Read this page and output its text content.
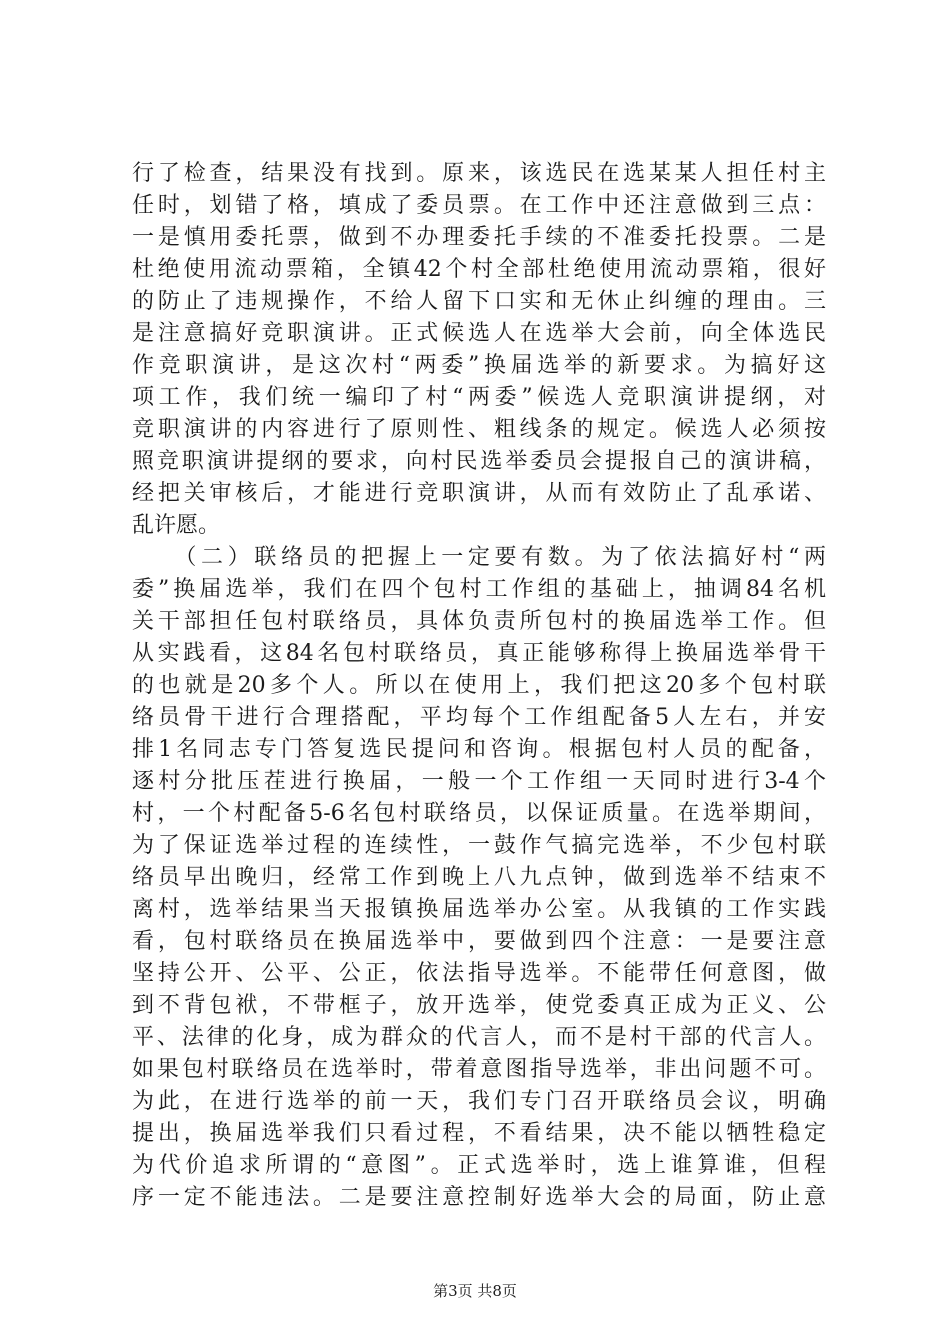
行了检查，结果没有找到。原来，该选民在选某某人担任村主
任时，划错了格，填成了委员票。在工作中还注意做到三点：
一是慎用委托票，做到不办理委托手续的不准委托投票。二是
杜绝使用流动票箱，全镇42个村全部杜绝使用流动票箱，很好
的防止了违规操作，不给人留下口实和无休止纠缠的理由。三
是注意搞好竞职演讲。正式候选人在选举大会前，向全体选民
作竞职演讲，是这次村“两委”换届选举的新要求。为搞好这
项工作，我们统一编印了村“两委”候选人竞职演讲提纲，对
竞职演讲的内容进行了原则性、粗线条的规定。候选人必须按
照竞职演讲提纲的要求，向村民选举委员会提报自己的演讲稿，
经把关审核后，才能进行竞职演讲，从而有效防止了乱承诺、
乱许愿。
　　（二）联络员的把握上一定要有数。为了依法搞好村“两
委”换届选举，我们在四个包村工作组的基础上，抽调84名机
关干部担任包村联络员，具体负责所包村的换届选举工作。但
从实践看，这84名包村联络员，真正能够称得上换届选举骨干
的也就是20多个人。所以在使用上，我们把这20多个包村联
络员骨干进行合理搭配，平均每个工作组配备5人左右，并安
排1名同志专门答复选民提问和咨询。根据包村人员的配备，
逐村分批压茬进行换届，一般一个工作组一天同时进行3-4个
村，一个村配备5-6名包村联络员，以保证质量。在选举期间，
为了保证选举过程的连续性，一鼓作气搞完选举，不少包村联
络员早出晚归，经常工作到晚上八九点钟，做到选举不结束不
离村，选举结果当天报镇换届选举办公室。从我镇的工作实践
看，包村联络员在换届选举中，要做到四个注意：一是要注意
坚持公开、公平、公正，依法指导选举。不能带任何意图，做
到不背包袱，不带框子，放开选举，使党委真正成为正义、公
平、法律的化身，成为群众的代言人，而不是村干部的代言人。
如果包村联络员在选举时，带着意图指导选举，非出问题不可。
为此，在进行选举的前一天，我们专门召开联络员会议，明确
提出，换届选举我们只看过程，不看结果，决不能以牺牲稳定
为代价追求所谓的“意图”。正式选举时，选上谁算谁，但程
序一定不能违法。二是要注意控制好选举大会的局面，防止意
第3页 共8页
